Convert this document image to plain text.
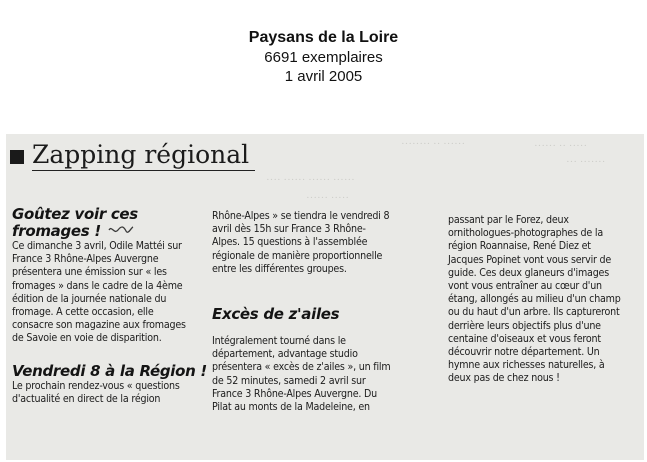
Paysans de la Loire
6691 exemplaires
1 avril 2005
········ ·· ······	······ ·· ·····
··· ·······
···· ······ ······ ······
······ ·····
Zapping régional
Goûtez voir ces
fromages !

Ce dimanche 3 avril, Odile Mattéi sur
France 3 Rhône-Alpes Auvergne
présentera une émission sur « les
fromages » dans le cadre de la 4ème
édition de la journée nationale du
fromage. A cette occasion, elle
consacre son magazine aux fromages
de Savoie en voie de disparition.

Vendredi 8 à la Région !

Le prochain rendez-vous « questions
d'actualité en direct de la région

Rhône-Alpes » se tiendra le vendredi 8
avril dès 15h sur France 3 Rhône-
Alpes. 15 questions à l'assemblée
régionale de manière proportionnelle
entre les différentes groupes.

Excès de z'ailes

Intégralement tourné dans le
département, advantage studio
présentera « excès de z'ailes », un film
de 52 minutes, samedi 2 avril sur
France 3 Rhône-Alpes Auvergne. Du
Pilat au monts de la Madeleine, en

passant par le Forez, deux
ornithologues-photographes de la
région Roannaise, René Diez et
Jacques Popinet vont vous servir de
guide. Ces deux glaneurs d'images
vont vous entraîner au cœur d'un
étang, allongés au milieu d'un champ
ou du haut d'un arbre. Ils captureront
derrière leurs objectifs plus d'une
centaine d'oiseaux et vous feront
découvrir notre département. Un
hymne aux richesses naturelles, à
deux pas de chez nous !
